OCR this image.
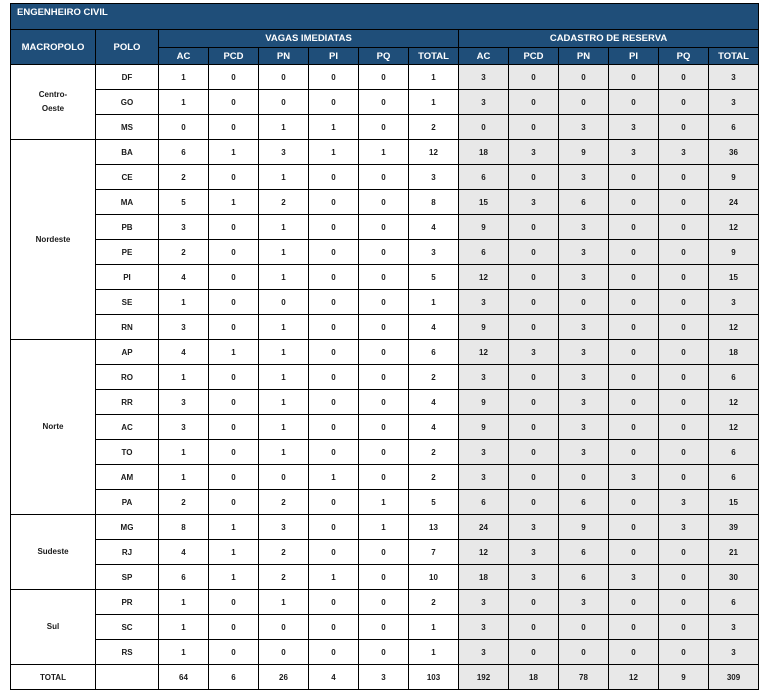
ENGENHEIRO CIVIL													
MACROPOLO	POLO	VAGAS IMEDIATAS						CADASTRO DE RESERVA					
		AC	PCD	PN	PI	PQ	TOTAL	AC	PCD	PN	PI	PQ	TOTAL

Centro-
Oeste	DF	1	0	0	0	0	1	3	0	0	0	0	3
	GO	1	0	0	0	0	1	3	0	0	0	0	3
	MS	0	0	1	1	0	2	0	0	3	3	0	6
Nordeste	BA	6	1	3	1	1	12	18	3	9	3	3	36
	CE	2	0	1	0	0	3	6	0	3	0	0	9
	MA	5	1	2	0	0	8	15	3	6	0	0	24
	PB	3	0	1	0	0	4	9	0	3	0	0	12
	PE	2	0	1	0	0	3	6	0	3	0	0	9
	PI	4	0	1	0	0	5	12	0	3	0	0	15
	SE	1	0	0	0	0	1	3	0	0	0	0	3
	RN	3	0	1	0	0	4	9	0	3	0	0	12
Norte	AP	4	1	1	0	0	6	12	3	3	0	0	18
	RO	1	0	1	0	0	2	3	0	3	0	0	6
	RR	3	0	1	0	0	4	9	0	3	0	0	12
	AC	3	0	1	0	0	4	9	0	3	0	0	12
	TO	1	0	1	0	0	2	3	0	3	0	0	6
	AM	1	0	0	1	0	2	3	0	0	3	0	6
	PA	2	0	2	0	1	5	6	0	6	0	3	15
Sudeste	MG	8	1	3	0	1	13	24	3	9	0	3	39
	RJ	4	1	2	0	0	7	12	3	6	0	0	21
	SP	6	1	2	1	0	10	18	3	6	3	0	30
Sul	PR	1	0	1	0	0	2	3	0	3	0	0	6
	SC	1	0	0	0	0	1	3	0	0	0	0	3
	RS	1	0	0	0	0	1	3	0	0	0	0	3
TOTAL		64	6	26	4	3	103	192	18	78	12	9	309
